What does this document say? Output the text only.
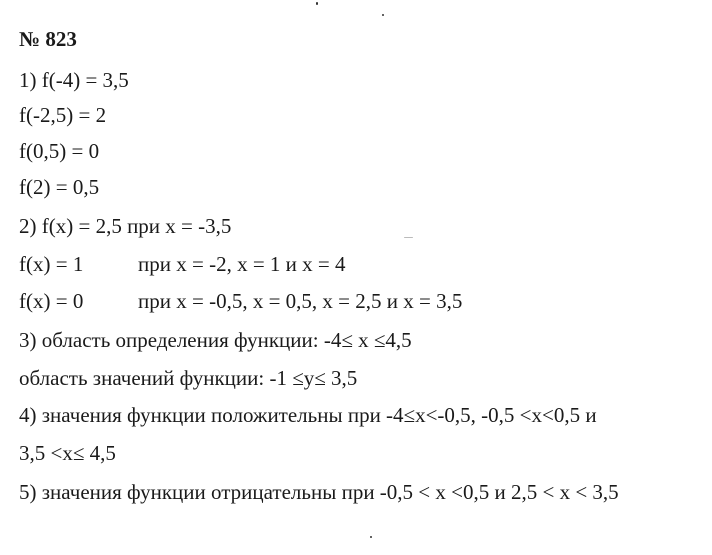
№ 823
1) f(-4) = 3,5
f(-2,5) = 2
f(0,5) = 0
f(2) = 0,5
2) f(x) = 2,5 при х = -3,5
f(x) = 1	при х = -2, х = 1 и х = 4
f(x) = 0	при х = -0,5, х = 0,5, х = 2,5 и х = 3,5
3) область определения функции: -4≤ х ≤4,5
область значений функции: -1 ≤у≤ 3,5
4) значения функции положительны при -4≤х<-0,5, -0,5 <х<0,5 и
3,5 <х≤ 4,5
5) значения функции отрицательны при -0,5 < х <0,5 и 2,5 < х < 3,5
